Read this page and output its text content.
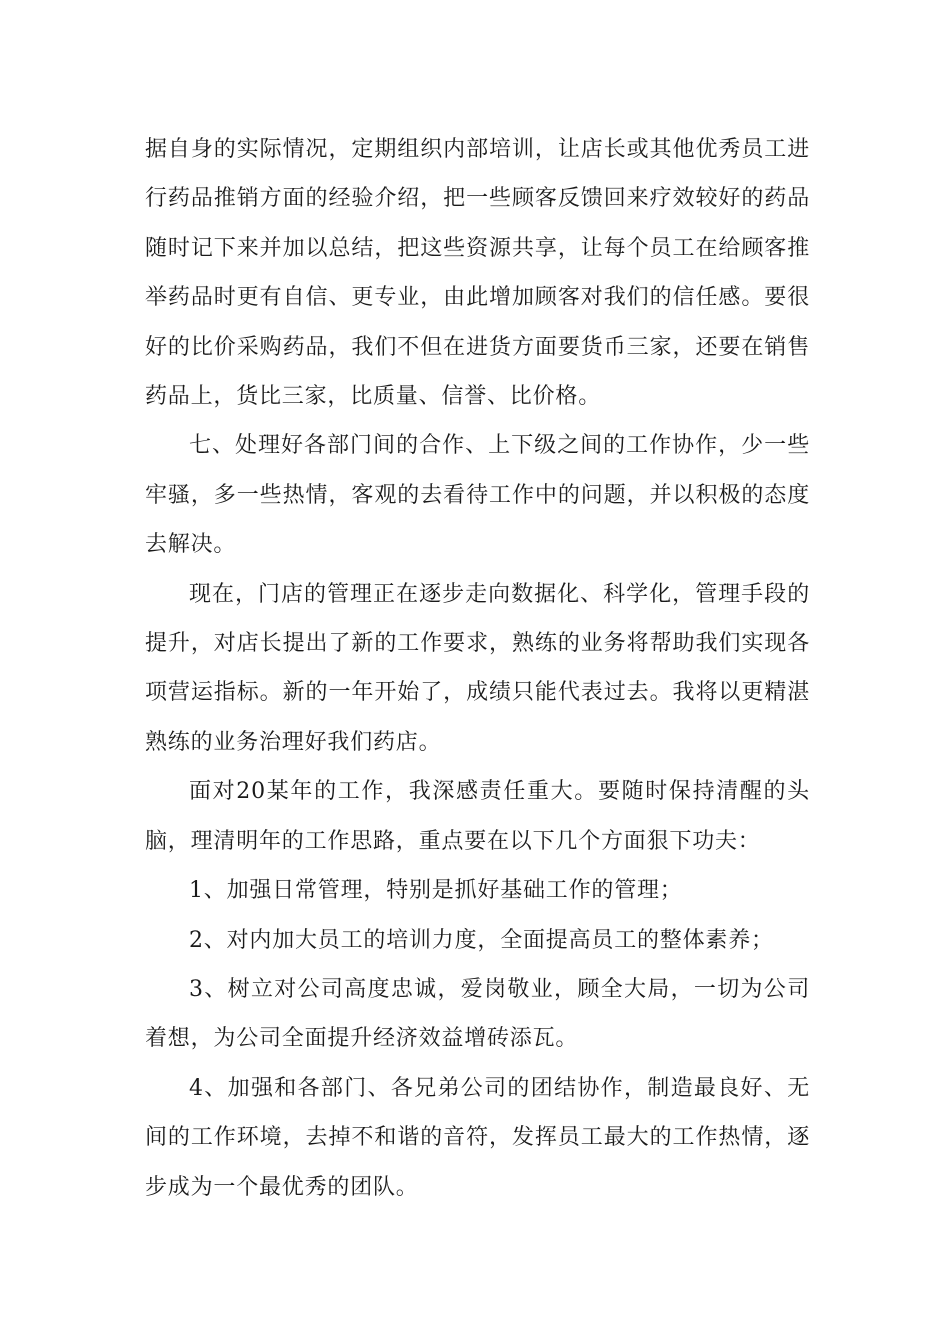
据自身的实际情况，定期组织内部培训，让店长或其他优秀员工进行药品推销方面的经验介绍，把一些顾客反馈回来疗效较好的药品随时记下来并加以总结，把这些资源共享，让每个员工在给顾客推举药品时更有自信、更专业，由此增加顾客对我们的信任感。要很好的比价采购药品，我们不但在进货方面要货币三家，还要在销售药品上，货比三家，比质量、信誉、比价格。

七、处理好各部门间的合作、上下级之间的工作协作，少一些牢骚，多一些热情，客观的去看待工作中的问题，并以积极的态度去解决。

现在，门店的管理正在逐步走向数据化、科学化，管理手段的提升，对店长提出了新的工作要求，熟练的业务将帮助我们实现各项营运指标。新的一年开始了，成绩只能代表过去。我将以更精湛熟练的业务治理好我们药店。

面对20某年的工作，我深感责任重大。要随时保持清醒的头脑，理清明年的工作思路，重点要在以下几个方面狠下功夫：

1、加强日常管理，特别是抓好基础工作的管理；

2、对内加大员工的培训力度，全面提高员工的整体素养；

3、树立对公司高度忠诚，爱岗敬业，顾全大局，一切为公司着想，为公司全面提升经济效益增砖添瓦。

4、加强和各部门、各兄弟公司的团结协作，制造最良好、无间的工作环境，去掉不和谐的音符，发挥员工最大的工作热情，逐步成为一个最优秀的团队。
